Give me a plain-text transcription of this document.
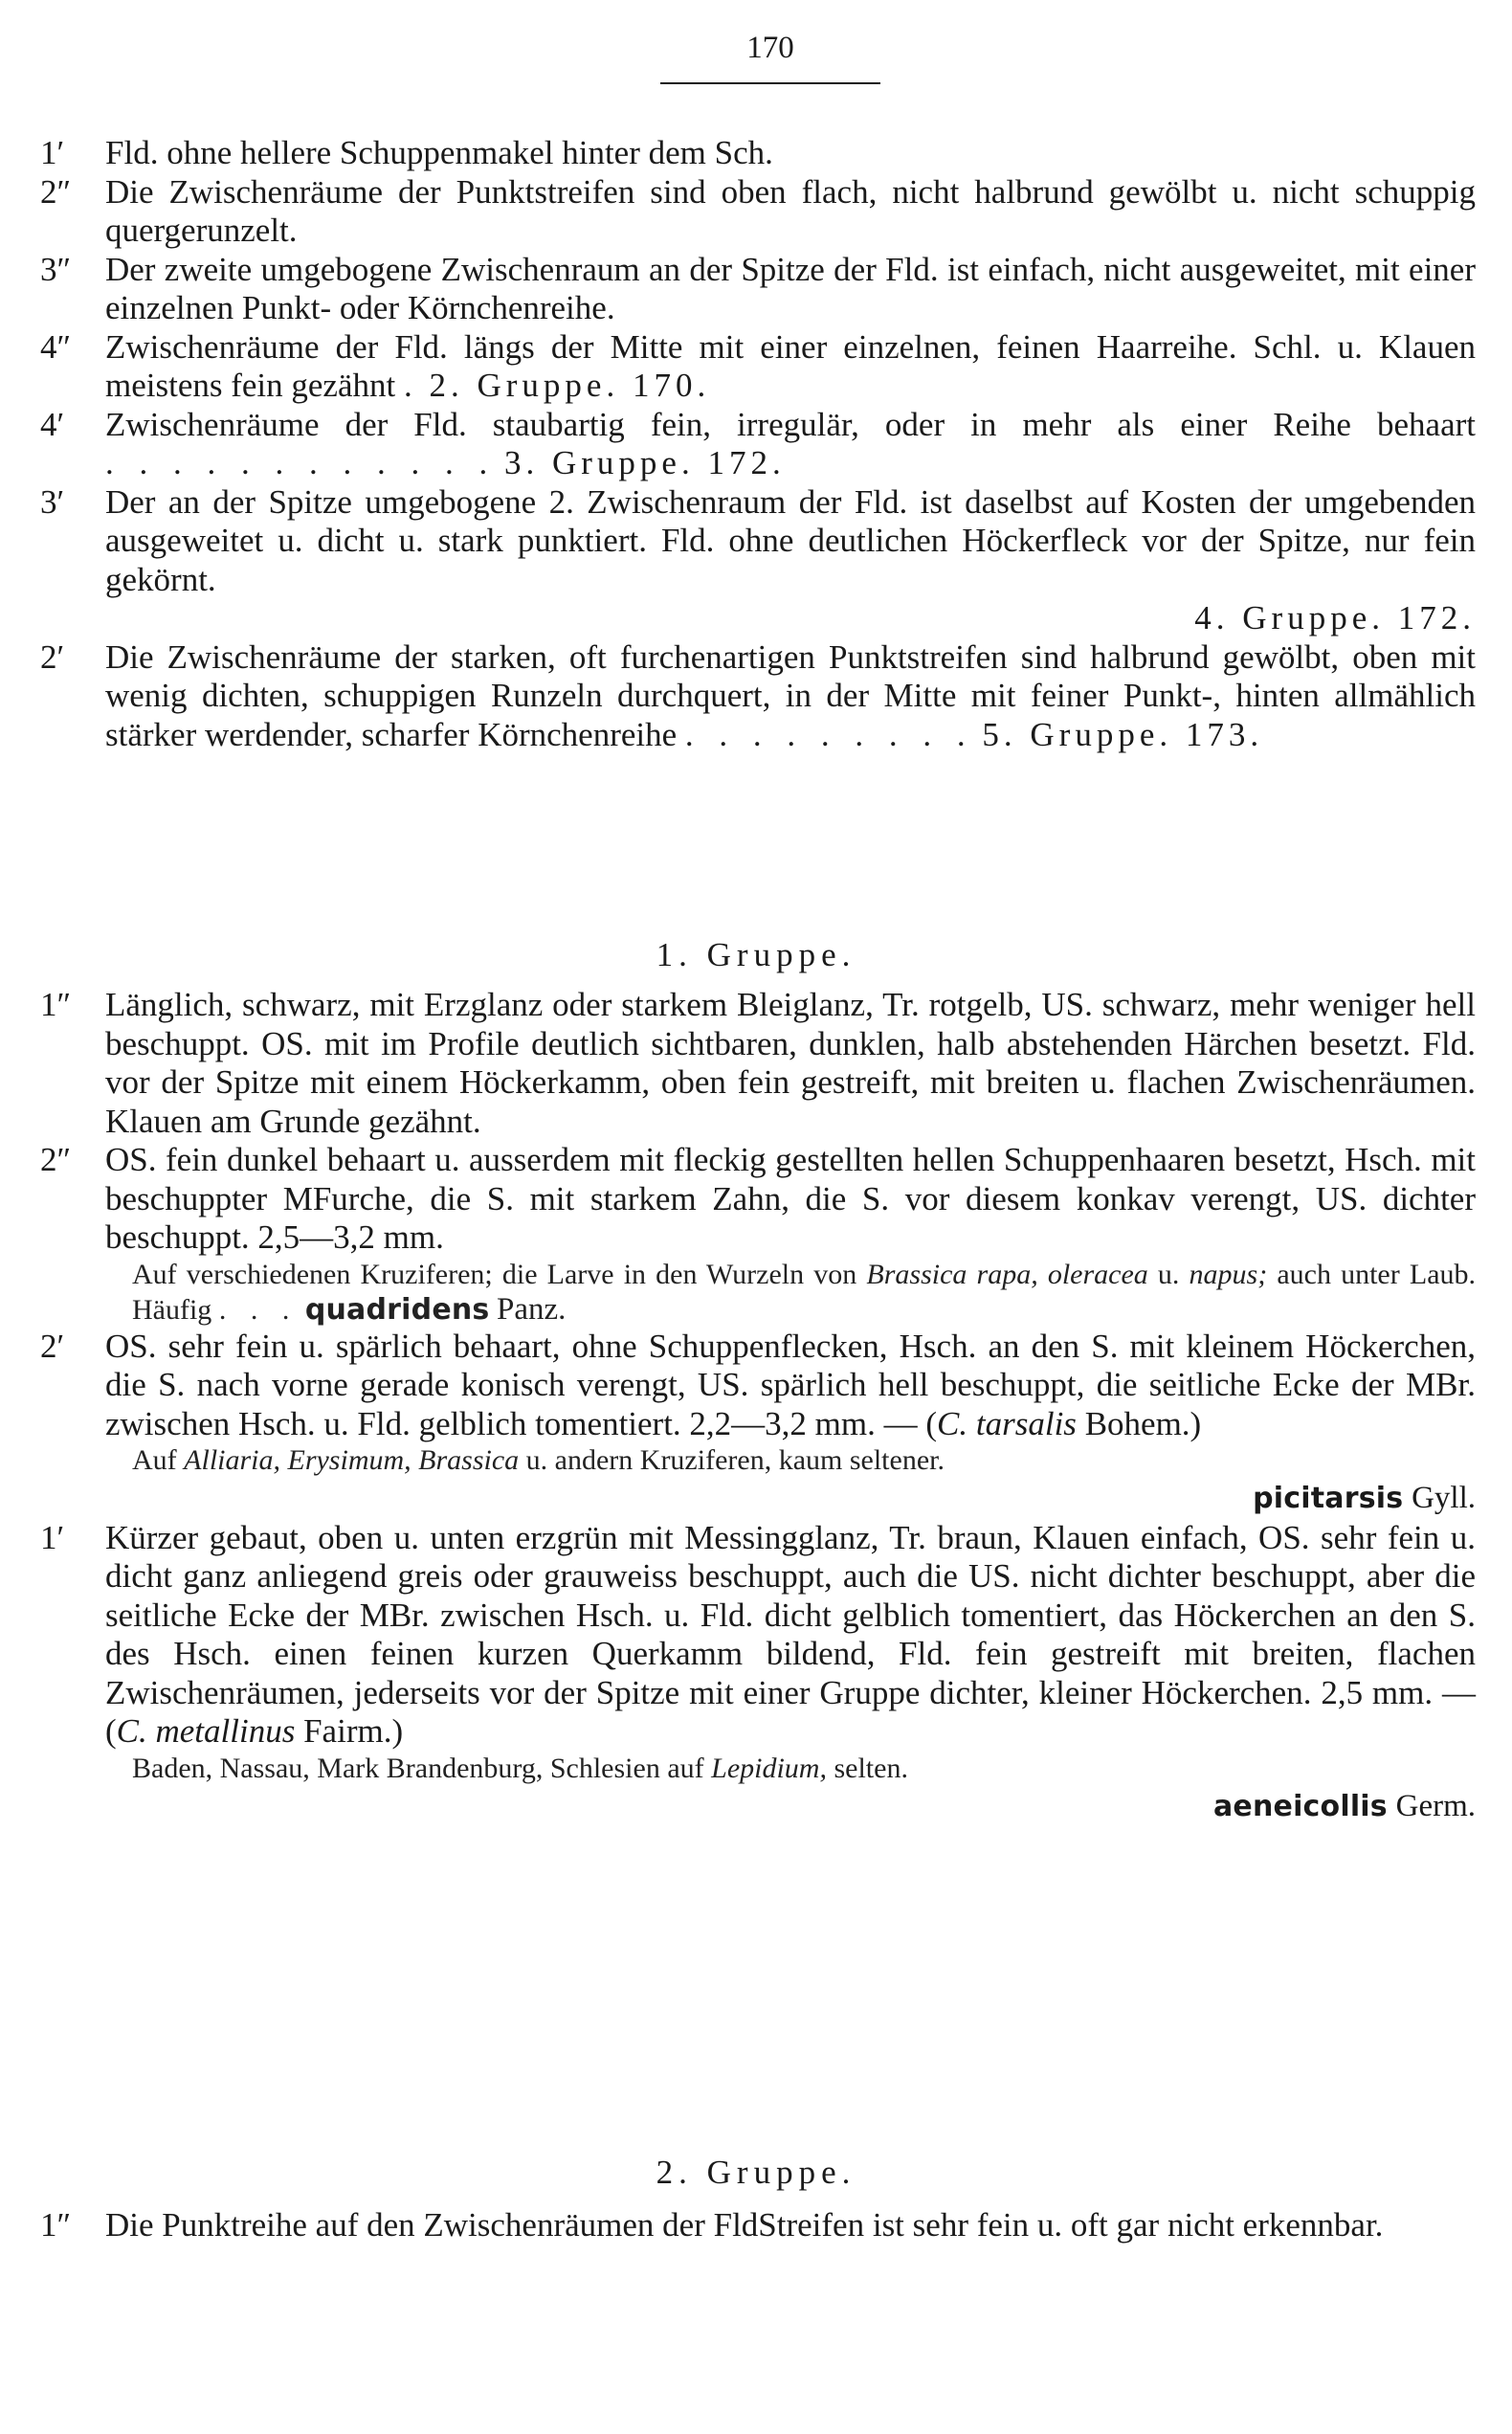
170
1′	Fld. ohne hellere Schuppenmakel hinter dem Sch.
2″	Die Zwischenräume der Punktstreifen sind oben flach, nicht halbrund gewölbt u. nicht schuppig quergerunzelt.
3″	Der zweite umgebogene Zwischenraum an der Spitze der Fld. ist einfach, nicht ausgeweitet, mit einer einzelnen Punkt- oder Körnchenreihe.
4″	Zwischenräume der Fld. längs der Mitte mit einer einzelnen, feinen Haarreihe. Schl. u. Klauen meistens fein gezähnt . 2. Gruppe. 170.
4′	Zwischenräume der Fld. staubartig fein, irregulär, oder in mehr als einer Reihe behaart . . . . . . . . . . . . 3. Gruppe. 172.
3′	Der an der Spitze umgebogene 2. Zwischenraum der Fld. ist daselbst auf Kosten der umgebenden ausgeweitet u. dicht u. stark punktiert. Fld. ohne deutlichen Höckerfleck vor der Spitze, nur fein gekörnt.
4. Gruppe. 172.
2′	Die Zwischenräume der starken, oft furchenartigen Punktstreifen sind halbrund gewölbt, oben mit wenig dichten, schuppigen Runzeln durchquert, in der Mitte mit feiner Punkt-, hinten allmählich stärker werdender, scharfer Körnchenreihe . . . . . . . . . 5. Gruppe. 173.
1. Gruppe.
1″	Länglich, schwarz, mit Erzglanz oder starkem Bleiglanz, Tr. rotgelb, US. schwarz, mehr weniger hell beschuppt. OS. mit im Profile deutlich sichtbaren, dunklen, halb abstehenden Härchen besetzt. Fld. vor der Spitze mit einem Höckerkamm, oben fein gestreift, mit breiten u. flachen Zwischenräumen. Klauen am Grunde gezähnt.
2″	OS. fein dunkel behaart u. ausserdem mit fleckig gestellten hellen Schuppenhaaren besetzt, Hsch. mit beschuppter MFurche, die S. mit starkem Zahn, die S. vor diesem konkav verengt, US. dichter beschuppt. 2,5—3,2 mm.
Auf verschiedenen Kruziferen; die Larve in den Wurzeln von Brassica rapa, oleracea u. napus; auch unter Laub. Häufig . . . quadridens Panz.
2′	OS. sehr fein u. spärlich behaart, ohne Schuppenflecken, Hsch. an den S. mit kleinem Höckerchen, die S. nach vorne gerade konisch verengt, US. spärlich hell beschuppt, die seitliche Ecke der MBr. zwischen Hsch. u. Fld. gelblich tomentiert. 2,2—3,2 mm. — (C. tarsalis Bohem.)
Auf Alliaria, Erysimum, Brassica u. andern Kruziferen, kaum seltener.
picitarsis Gyll.
1′	Kürzer gebaut, oben u. unten erzgrün mit Messingglanz, Tr. braun, Klauen einfach, OS. sehr fein u. dicht ganz anliegend greis oder grauweiss beschuppt, auch die US. nicht dichter beschuppt, aber die seitliche Ecke der MBr. zwischen Hsch. u. Fld. dicht gelblich tomentiert, das Höckerchen an den S. des Hsch. einen feinen kurzen Querkamm bildend, Fld. fein gestreift mit breiten, flachen Zwischenräumen, jederseits vor der Spitze mit einer Gruppe dichter, kleiner Höckerchen. 2,5 mm. — (C. metallinus Fairm.)
Baden, Nassau, Mark Brandenburg, Schlesien auf Lepidium, selten.
aeneicollis Germ.
2. Gruppe.
1″	Die Punktreihe auf den Zwischenräumen der FldStreifen ist sehr fein u. oft gar nicht erkennbar.
